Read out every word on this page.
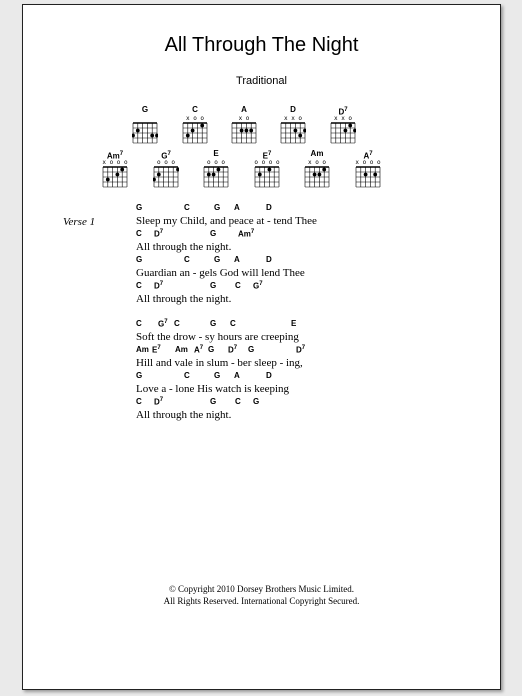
All Through The Night
Traditional
G
	C
x o o
A
x o
D
x x o
$D^7$
x x o
Am$^7$
x o o o
$G^7$
o o o
E
o o o
$E^7$
o o o o
Am
x o o
$A^7$
x o o o
Verse 1
G	C	G A	D
Sleep my Child, and peace at - tend Thee
C $D^7$	G	Am$^7$
All through the night.
G	C	G A	D
Guardian an - gels God will lend Thee
C $D^7$	G C $G^7$
All through the night.
C $G^7$ C	G C	E
Soft the drow - sy hours are creeping
Am $E^7$ Am $A^7$ G $D^7$ G	$D^7$
Hill and vale in slum - ber sleep - ing,
G	C	G A	D
Love a - lone His watch is keeping
C $D^7$	G C G
All through the night.
© Copyright 2010 Dorsey Brothers Music Limited.
All Rights Reserved. International Copyright Secured.
